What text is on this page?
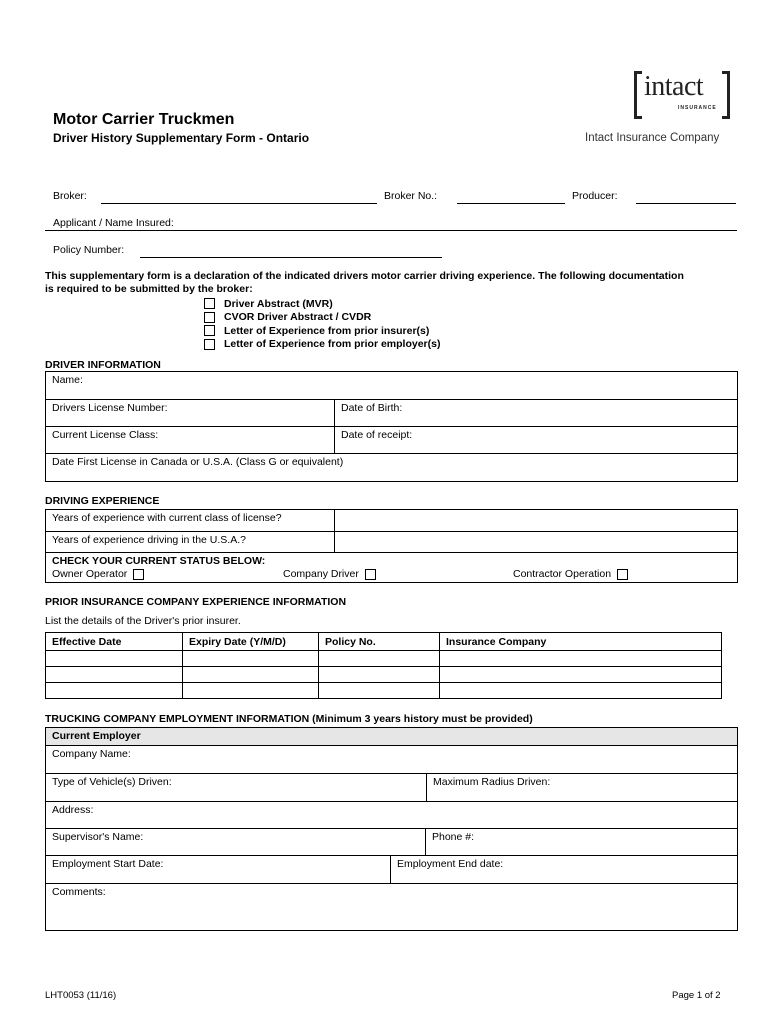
Motor Carrier Truckmen
Driver History Supplementary Form - Ontario
intact
INSURANCE
Intact Insurance Company
Broker:	Broker No.:	Producer:
Applicant / Name Insured:
Policy Number:
This supplementary form is a declaration of the indicated drivers motor carrier driving experience. The following documentation is required to be submitted by the broker:
Driver Abstract (MVR)
CVOR Driver Abstract / CVDR
Letter of Experience from prior insurer(s)
Letter of Experience from prior employer(s)
DRIVER INFORMATION
Name:
Drivers License Number:	Date of Birth:
Current License Class:	Date of receipt:
Date First License in Canada or U.S.A. (Class G or equivalent)
DRIVING EXPERIENCE
Years of experience with current class of license?
Years of experience driving in the U.S.A.?
CHECK YOUR CURRENT STATUS BELOW:
Owner Operator	Company Driver	Contractor Operation
PRIOR INSURANCE COMPANY EXPERIENCE INFORMATION
List the details of the Driver's prior insurer.
Effective Date	Expiry Date (Y/M/D)	Policy No.	Insurance Company

TRUCKING COMPANY EMPLOYMENT INFORMATION (Minimum 3 years history must be provided)
Current Employer
Company Name:
Type of Vehicle(s) Driven:	Maximum Radius Driven:
Address:
Supervisor's Name:	Phone #:
Employment Start Date:	Employment End date:
Comments:
LHT0053 (11/16)	Page 1 of 2
